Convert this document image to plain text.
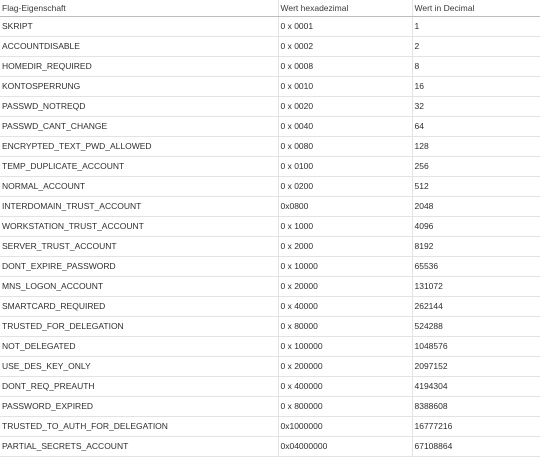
Flag-Eigenschaft	Wert hexadezimal	Wert in Decimal
SKRIPT	0 x 0001	1
ACCOUNTDISABLE	0 x 0002	2
HOMEDIR_REQUIRED	0 x 0008	8
KONTOSPERRUNG	0 x 0010	16
PASSWD_NOTREQD	0 x 0020	32
PASSWD_CANT_CHANGE	0 x 0040	64
ENCRYPTED_TEXT_PWD_ALLOWED	0 x 0080	128
TEMP_DUPLICATE_ACCOUNT	0 x 0100	256
NORMAL_ACCOUNT	0 x 0200	512
INTERDOMAIN_TRUST_ACCOUNT	0x0800	2048
WORKSTATION_TRUST_ACCOUNT	0 x 1000	4096
SERVER_TRUST_ACCOUNT	0 x 2000	8192
DONT_EXPIRE_PASSWORD	0 x 10000	65536
MNS_LOGON_ACCOUNT	0 x 20000	131072
SMARTCARD_REQUIRED	0 x 40000	262144
TRUSTED_FOR_DELEGATION	0 x 80000	524288
NOT_DELEGATED	0 x 100000	1048576
USE_DES_KEY_ONLY	0 x 200000	2097152
DONT_REQ_PREAUTH	0 x 400000	4194304
PASSWORD_EXPIRED	0 x 800000	8388608
TRUSTED_TO_AUTH_FOR_DELEGATION	0x1000000	16777216
PARTIAL_SECRETS_ACCOUNT	0x04000000	67108864
